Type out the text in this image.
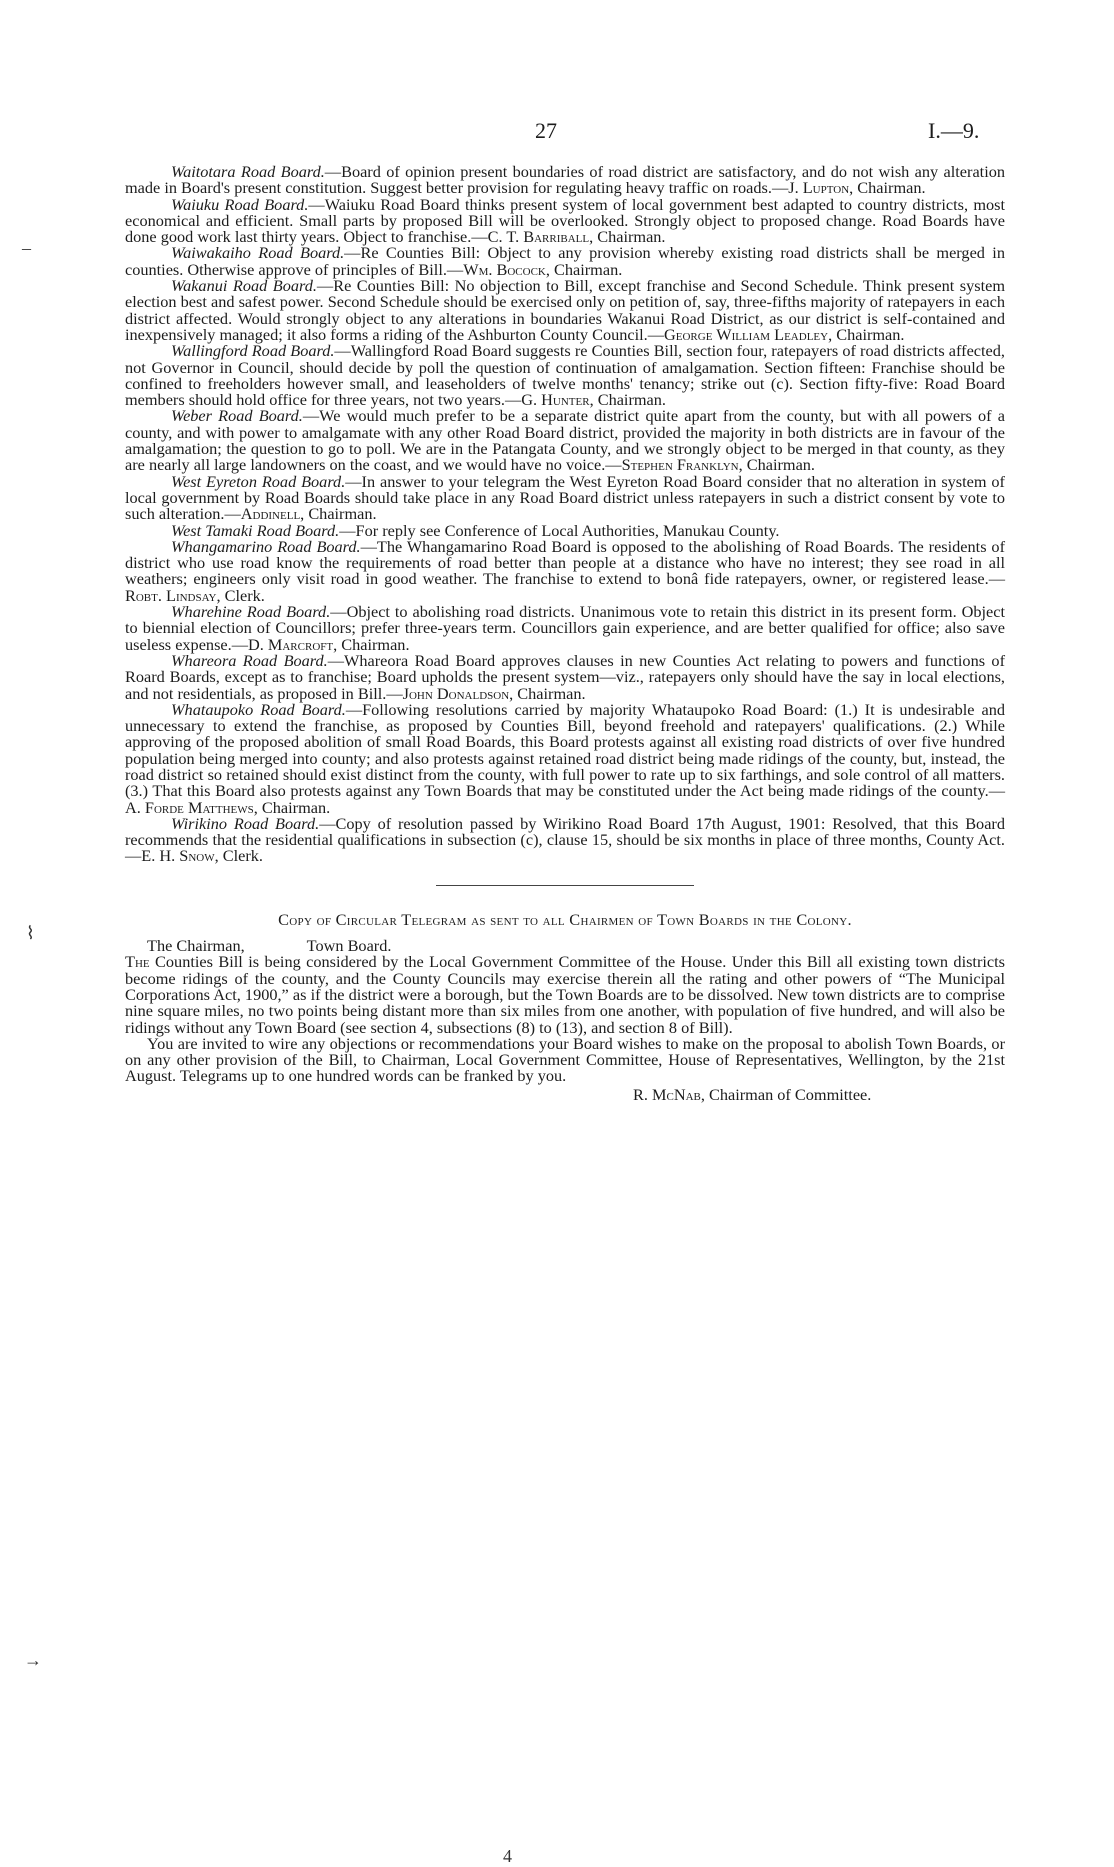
27	I.—9.
–
⌇
→
4

Waitotara Road Board.—Board of opinion present boundaries of road district are satisfactory, and do not wish any alteration made in Board's present constitution. Suggest better provision for regulating heavy traffic on roads.—J. Lupton, Chairman.

Waiuku Road Board.—Waiuku Road Board thinks present system of local government best adapted to country districts, most economical and efficient. Small parts by proposed Bill will be overlooked. Strongly object to proposed change. Road Boards have done good work last thirty years. Object to franchise.—C. T. Barriball, Chairman.

Waiwakaiho Road Board.—Re Counties Bill: Object to any provision whereby existing road districts shall be merged in counties. Otherwise approve of principles of Bill.—Wm. Bocock, Chairman.

Wakanui Road Board.—Re Counties Bill: No objection to Bill, except franchise and Second Schedule. Think present system election best and safest power. Second Schedule should be exercised only on petition of, say, three-fifths majority of ratepayers in each district affected. Would strongly object to any alterations in boundaries Wakanui Road District, as our district is self-contained and inexpensively managed; it also forms a riding of the Ashburton County Council.—George William Leadley, Chairman.

Wallingford Road Board.—Wallingford Road Board suggests re Counties Bill, section four, ratepayers of road districts affected, not Governor in Council, should decide by poll the question of continuation of amalgamation. Section fifteen: Franchise should be confined to freeholders however small, and leaseholders of twelve months' tenancy; strike out (c). Section fifty-five: Road Board members should hold office for three years, not two years.—G. Hunter, Chairman.

Weber Road Board.—We would much prefer to be a separate district quite apart from the county, but with all powers of a county, and with power to amalgamate with any other Road Board district, provided the majority in both districts are in favour of the amalgamation; the question to go to poll. We are in the Patangata County, and we strongly object to be merged in that county, as they are nearly all large landowners on the coast, and we would have no voice.—Stephen Franklyn, Chairman.

West Eyreton Road Board.—In answer to your telegram the West Eyreton Road Board consider that no alteration in system of local government by Road Boards should take place in any Road Board district unless ratepayers in such a district consent by vote to such alteration.—Addinell, Chairman.

West Tamaki Road Board.—For reply see Conference of Local Authorities, Manukau County.

Whangamarino Road Board.—The Whangamarino Road Board is opposed to the abolishing of Road Boards. The residents of district who use road know the requirements of road better than people at a distance who have no interest; they see road in all weathers; engineers only visit road in good weather. The franchise to extend to bonâ fide ratepayers, owner, or registered lease.—Robt. Lindsay, Clerk.

Wharehine Road Board.—Object to abolishing road districts. Unanimous vote to retain this district in its present form. Object to biennial election of Councillors; prefer three-years term. Councillors gain experience, and are better qualified for office; also save useless expense.—D. Marcroft, Chairman.

Whareora Road Board.—Whareora Road Board approves clauses in new Counties Act relating to powers and functions of Roard Boards, except as to franchise; Board upholds the present system—viz., ratepayers only should have the say in local elections, and not residentials, as proposed in Bill.—John Donaldson, Chairman.

Whataupoko Road Board.—Following resolutions carried by majority Whataupoko Road Board: (1.) It is undesirable and unnecessary to extend the franchise, as proposed by Counties Bill, beyond freehold and ratepayers' qualifications. (2.) While approving of the proposed abolition of small Road Boards, this Board protests against all existing road districts of over five hundred population being merged into county; and also protests against retained road district being made ridings of the county, but, instead, the road district so retained should exist distinct from the county, with full power to rate up to six farthings, and sole control of all matters. (3.) That this Board also protests against any Town Boards that may be constituted under the Act being made ridings of the county.—A. Forde Matthews, Chairman.

Wirikino Road Board.—Copy of resolution passed by Wirikino Road Board 17th August, 1901: Resolved, that this Board recommends that the residential qualifications in subsection (c), clause 15, should be six months in place of three months, County Act.—E. H. Snow, Clerk.

Copy of Circular Telegram as sent to all Chairmen of Town Boards in the Colony.

The Chairman,	Town Board.

The Counties Bill is being considered by the Local Government Committee of the House. Under this Bill all existing town districts become ridings of the county, and the County Councils may exercise therein all the rating and other powers of “The Municipal Corporations Act, 1900,” as if the district were a borough, but the Town Boards are to be dissolved. New town districts are to comprise nine square miles, no two points being distant more than six miles from one another, with population of five hundred, and will also be ridings without any Town Board (see section 4, subsections (8) to (13), and section 8 of Bill).

You are invited to wire any objections or recommendations your Board wishes to make on the proposal to abolish Town Boards, or on any other provision of the Bill, to Chairman, Local Government Committee, House of Representatives, Wellington, by the 21st August. Telegrams up to one hundred words can be franked by you.

R. McNab, Chairman of Committee.
